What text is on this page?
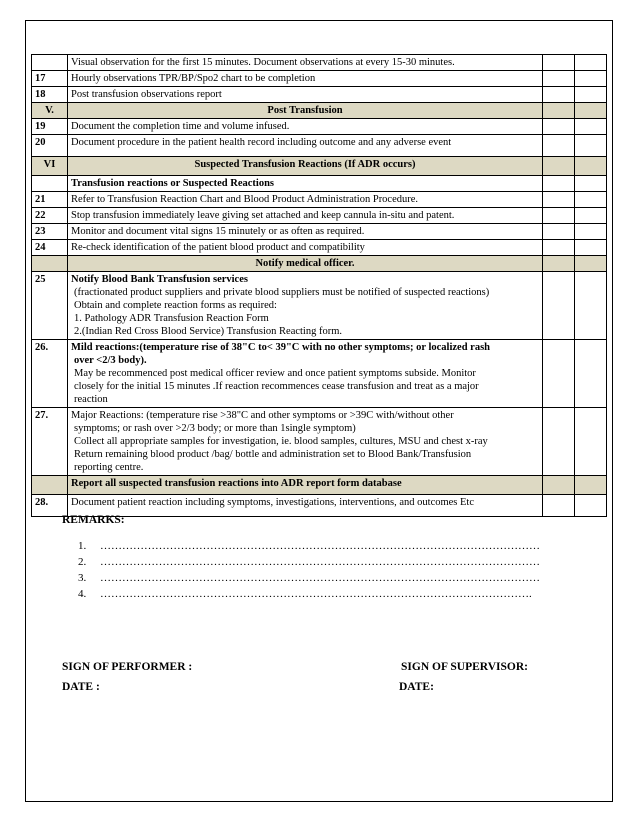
	Visual observation for the first 15 minutes. Document observations at every 15-30 minutes.		

17	Hourly observations TPR/BP/Spo2 chart to be completion		

18	Post transfusion observations report		

V.	Post Transfusion		

19	Document the completion time and volume infused.		

20	Document procedure in the patient health record including outcome and any adverse event		

VI	Suspected Transfusion Reactions (If ADR occurs)		

	Transfusion reactions or Suspected Reactions		

21	Refer to Transfusion Reaction Chart and Blood Product Administration Procedure.		

22	Stop transfusion immediately leave giving set attached and keep cannula in-situ and patent.		

23	Monitor and document vital signs 15 minutely or as often as required.		

24	Re-check identification of the patient blood product and compatibility		

	Notify medical officer.		

25	Notify Blood Bank Transfusion services
(fractionated product suppliers and private blood suppliers must be notified of suspected reactions)
Obtain and complete reaction forms as required:
1. Pathology ADR Transfusion Reaction Form
2.(Indian Red Cross Blood Service) Transfusion Reacting form.		

26.	Mild reactions:(temperature rise of 38"C to< 39"C with no other symptoms; or localized rash
over <2/3 body).
May be recommenced post medical officer review and once patient symptoms subside. Monitor
closely for the initial 15 minutes .If reaction recommences cease transfusion and treat as a major
reaction		

27.	Major Reactions: (temperature rise >38"C and other symptoms or >39C with/without other
symptoms; or rash over >2/3 body; or more than 1single symptom)
Collect all appropriate samples for investigation, ie. blood samples, cultures, MSU and chest x-ray
Return remaining blood product /bag/ bottle and administration set to Blood Bank/Transfusion
reporting centre.		

	Report all suspected transfusion reactions into ADR report form database		

28.	Document patient reaction including symptoms, investigations, interventions, and outcomes Etc		

REMARKS:
1. …………………………………………………………………………………………………………
2. …………………………………………………………………………………………………………
3. …………………………………………………………………………………………………………
4. ……………………………………………………………………………………………………….
SIGN OF PERFORMER :	SIGN OF SUPERVISOR:
DATE :	DATE:
